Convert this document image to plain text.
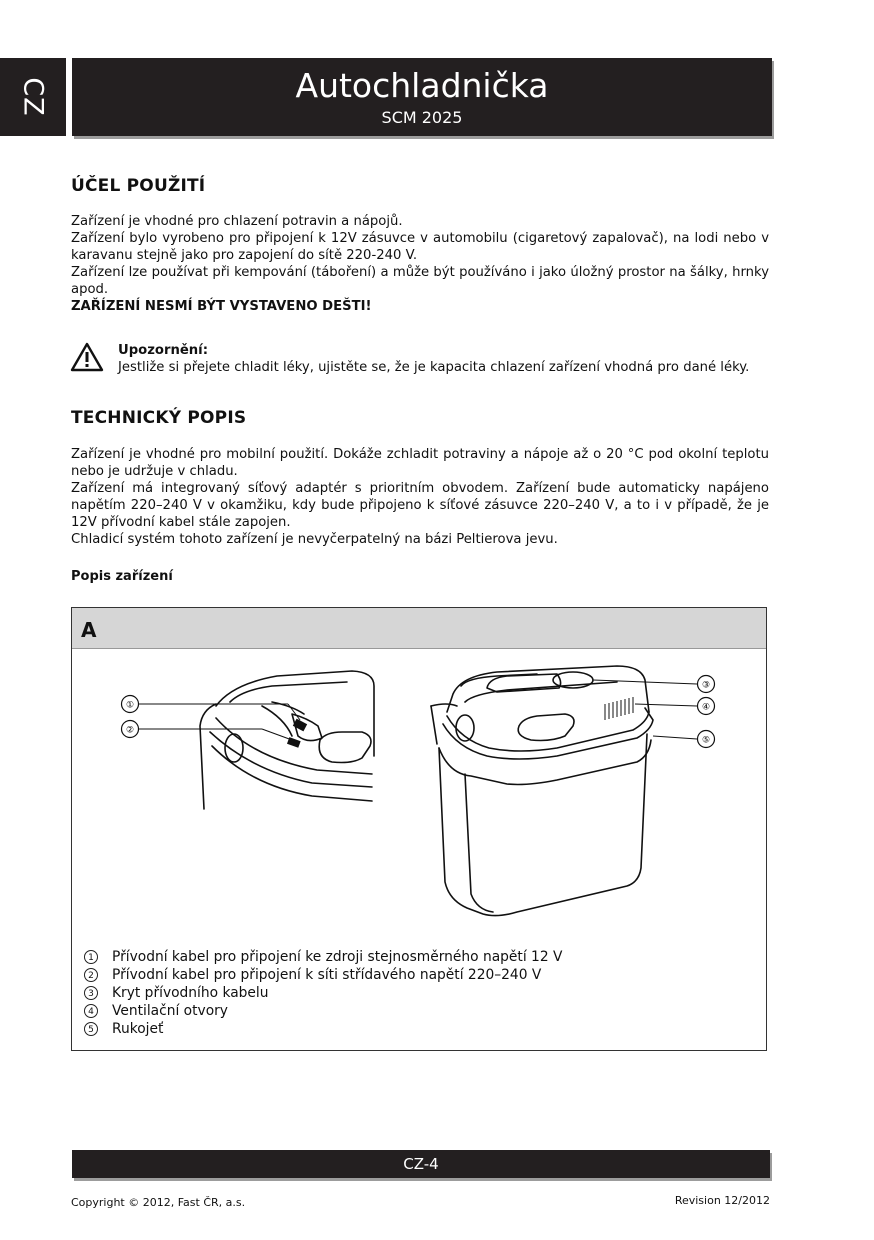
CZ	Autochladnička
SCM 2025
ÚČEL POUŽITÍ

Zařízení je vhodné pro chlazení potravin a nápojů.

Zařízení bylo vyrobeno pro připojení k 12V zásuvce v automobilu (cigaretový zapalovač), na lodi nebo v karavanu stejně jako pro zapojení do sítě 220-240 V.

Zařízení lze používat při kempování (táboření) a může být používáno i jako úložný prostor na šálky, hrnky apod.

ZAŘÍZENÍ NESMÍ BÝT VYSTAVENO DEŠTI!

Upozornění:
Jestliže si přejete chladit léky, ujistěte se, že je kapacita chlazení zařízení vhodná pro dané léky.
TECHNICKÝ POPIS

Zařízení je vhodné pro mobilní použití. Dokáže zchladit potraviny a nápoje až o 20 °C pod okolní teplotu nebo je udržuje v chladu.

Zařízení má integrovaný síťový adaptér s prioritním obvodem. Zařízení bude automaticky napájeno napětím 220–240 V v okamžiku, kdy bude připojeno k síťové zásuvce 220–240 V, a to i v případě, že je 12V přívodní kabel stále zapojen.

Chladicí systém tohoto zařízení je nevyčerpatelný na bázi Peltierova jevu.

Popis zařízení
A
①
②
③
④
⑤
1 Přívodní kabel pro připojení ke zdroji stejnosměrného napětí 12 V
2 Přívodní kabel pro připojení k síti střídavého napětí 220–240 V
3 Kryt přívodního kabelu
4 Ventilační otvory
5 Rukojeť
CZ-4
Copyright © 2012, Fast ČR, a.s.	Revision 12/2012
